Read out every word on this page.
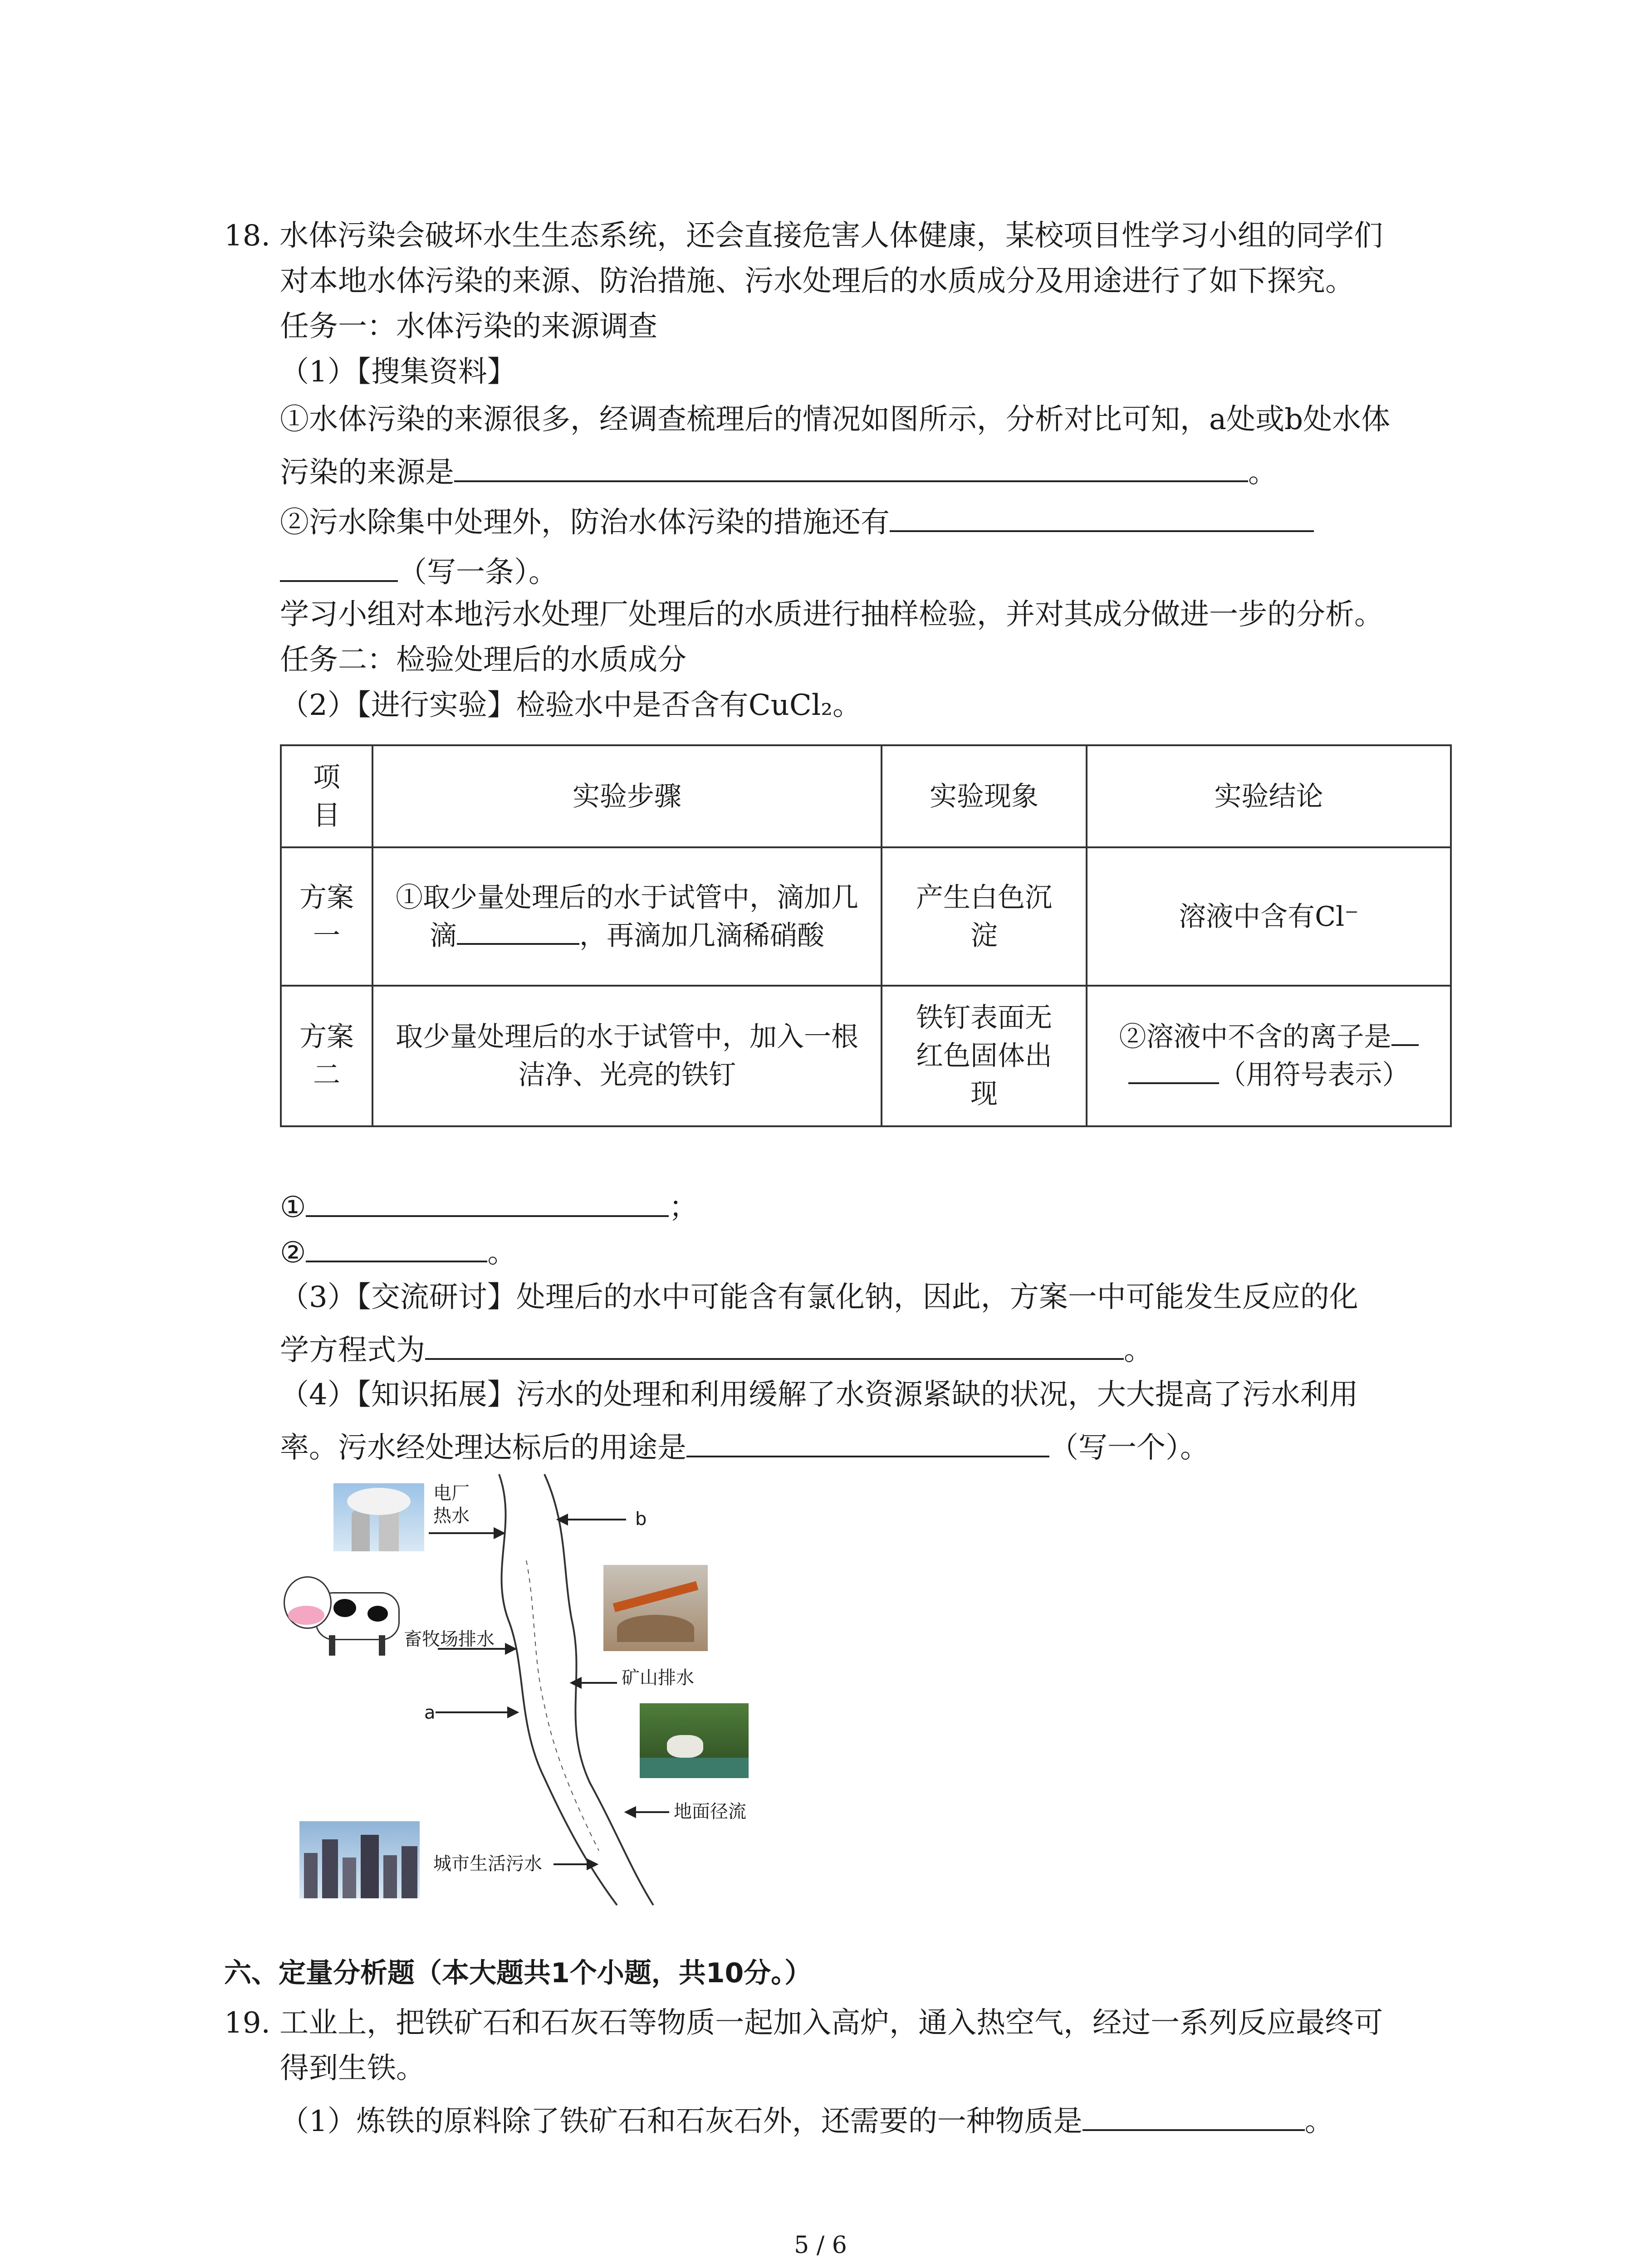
18. 水体污染会破坏水生生态系统，还会直接危害人体健康，某校项目性学习小组的同学们
对本地水体污染的来源、防治措施、污水处理后的水质成分及用途进行了如下探究。
任务一：水体污染的来源调查
（1）【搜集资料】
①水体污染的来源很多，经调查梳理后的情况如图所示，分析对比可知，a处或b处水体
污染的来源是	。
②污水除集中处理外，防治水体污染的措施还有
（写一条）。
学习小组对本地污水处理厂处理后的水质进行抽样检验，并对其成分做进一步的分析。
任务二：检验处理后的水质成分
（2）【进行实验】检验水中是否含有CuCl₂。
项目	实验步骤	实验现象	实验结论
方案一	①取少量处理后的水于试管中，滴加几滴 ，再滴加几滴稀硝酸	产生白色沉淀	溶液中含有Cl⁻
方案二	取少量处理后的水于试管中，加入一根洁净、光亮的铁钉	铁钉表面无红色固体出现	②溶液中不含的离子是
（用符号表示）
①	；
②	。
（3）【交流研讨】处理后的水中可能含有氯化钠，因此，方案一中可能发生反应的化
学方程式为	。
（4）【知识拓展】污水的处理和利用缓解了水资源紧缺的状况，大大提高了污水利用
率。污水经处理达标后的用途是	（写一个）。
电厂
热水	b
畜牧场排水
矿山排水
a
地面径流
城市生活污水
六、定量分析题（本大题共1个小题，共10分。）
19. 工业上，把铁矿石和石灰石等物质一起加入高炉，通入热空气，经过一系列反应最终可
得到生铁。
（1）炼铁的原料除了铁矿石和石灰石外，还需要的一种物质是	。
5 / 6
